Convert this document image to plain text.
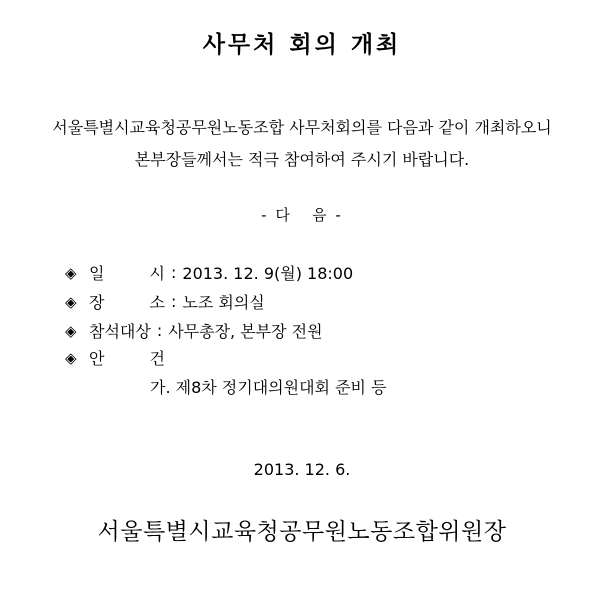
사무처 회의 개최
서울특별시교육청공무원노동조합 사무처회의를 다음과 같이 개최하오니
본부장들께서는 적극 참여하여 주시기 바랍니다.
- 다   음 -
◈ 일	시 : 2013. 12. 9(월) 18:00
◈ 장	소 : 노조 회의실
◈ 참석대상 : 사무총장, 본부장 전원
◈ 안	건
가. 제8차 정기대의원대회 준비 등
2013. 12. 6.
서울특별시교육청공무원노동조합위원장
